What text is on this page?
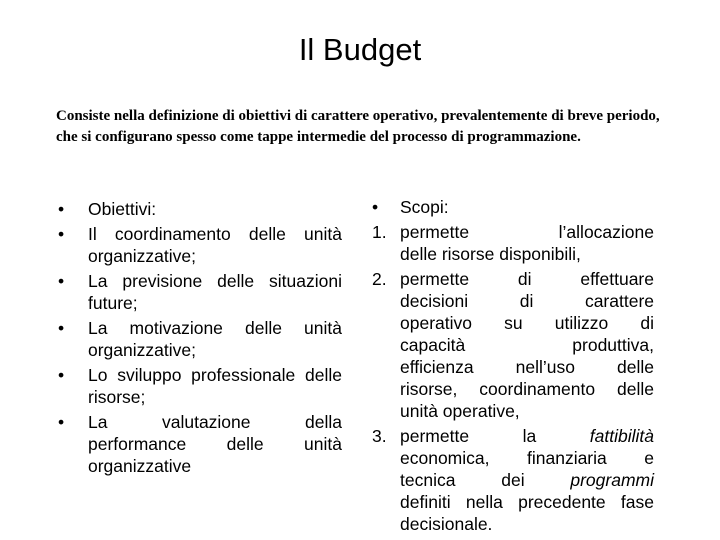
Il Budget
Consiste nella definizione di obiettivi di carattere operativo, prevalentemente di breve periodo, che si configurano spesso come tappe intermedie del processo di programmazione.
•	Obiettivi:
•	Il coordinamento delle unità organizzative;
•	La previsione delle situazioni future;
•	La motivazione delle unità organizzative;
•	Lo sviluppo professionale delle risorse;
•	La valutazione della performance delle unità organizzative
•	Scopi:
1. permette l’allocazione
delle risorse disponibili,
2. permette di effettuare
decisioni di carattere
operativo su utilizzo di
capacità produttiva,
efficienza nell’uso delle
risorse, coordinamento delle
unità operative,
3. permette la fattibilità
economica, finanziaria e
tecnica dei programmi
definiti nella precedente fase
decisionale.
